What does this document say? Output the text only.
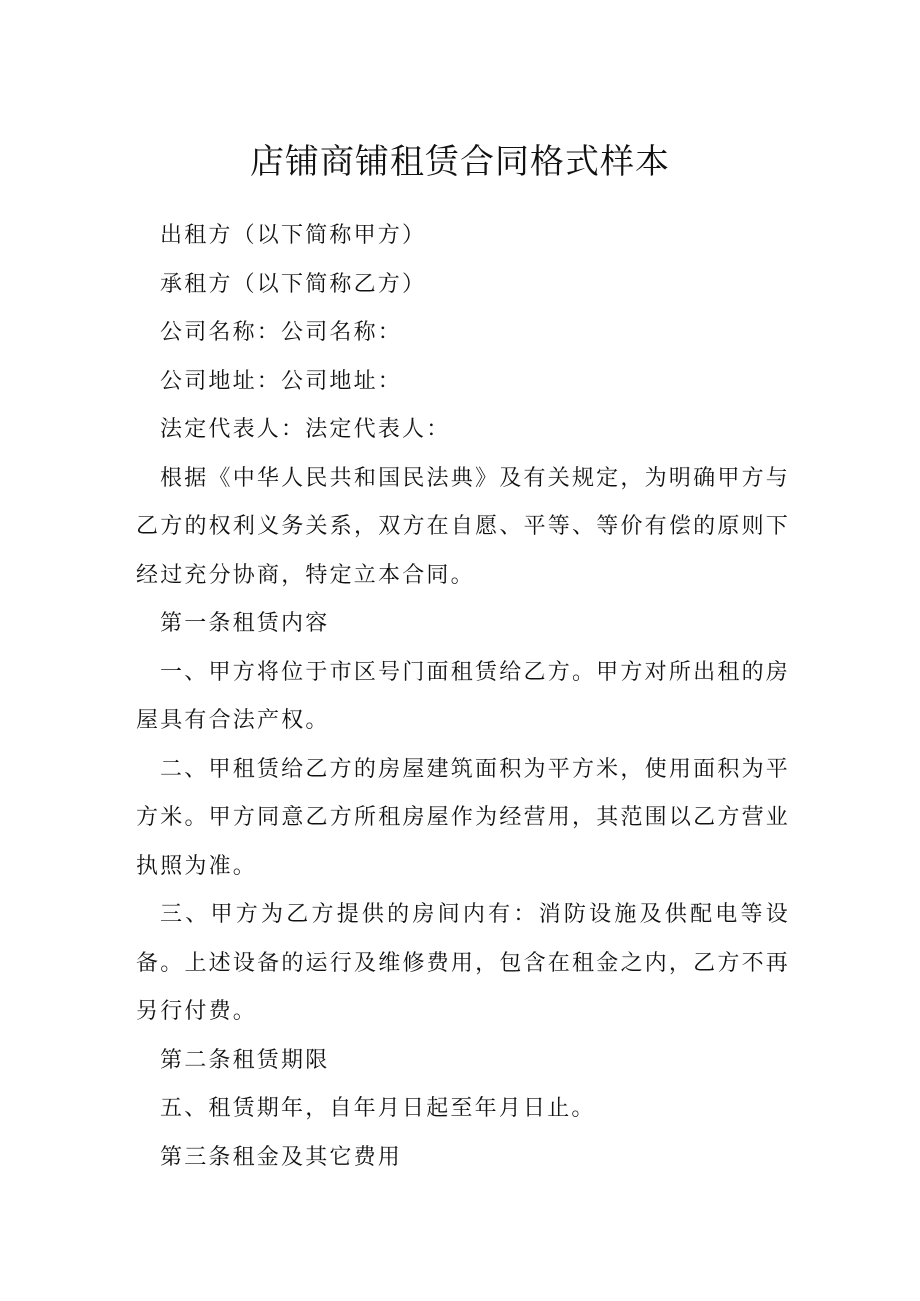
店铺商铺租赁合同格式样本

出租方（以下简称甲方）

承租方（以下简称乙方）

公司名称：公司名称：

公司地址：公司地址：

法定代表人：法定代表人：

根据《中华人民共和国民法典》及有关规定，为明确甲方与乙方的权利义务关系，双方在自愿、平等、等价有偿的原则下经过充分协商，特定立本合同。

第一条租赁内容

一、甲方将位于市区号门面租赁给乙方。甲方对所出租的房屋具有合法产权。

二、甲租赁给乙方的房屋建筑面积为平方米，使用面积为平方米。甲方同意乙方所租房屋作为经营用，其范围以乙方营业执照为准。

三、甲方为乙方提供的房间内有：消防设施及供配电等设备。上述设备的运行及维修费用，包含在租金之内，乙方不再另行付费。

第二条租赁期限

五、租赁期年，自年月日起至年月日止。

第三条租金及其它费用
